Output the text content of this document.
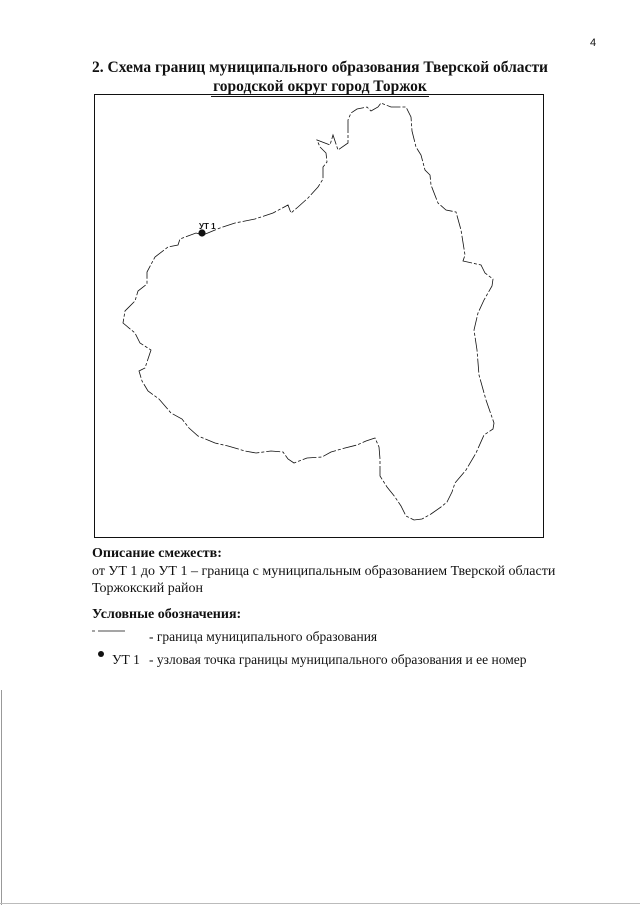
4
2. Схема границ муниципального образования Тверской области
городской округ город Торжок
УТ 1
Описание смежеств:
от УТ 1 до УТ 1 – граница с муниципальным образованием Тверской области Торжокский район
Условные обозначения:
- граница муниципального образования
УТ 1 - узловая точка границы муниципального образования и ее номер
